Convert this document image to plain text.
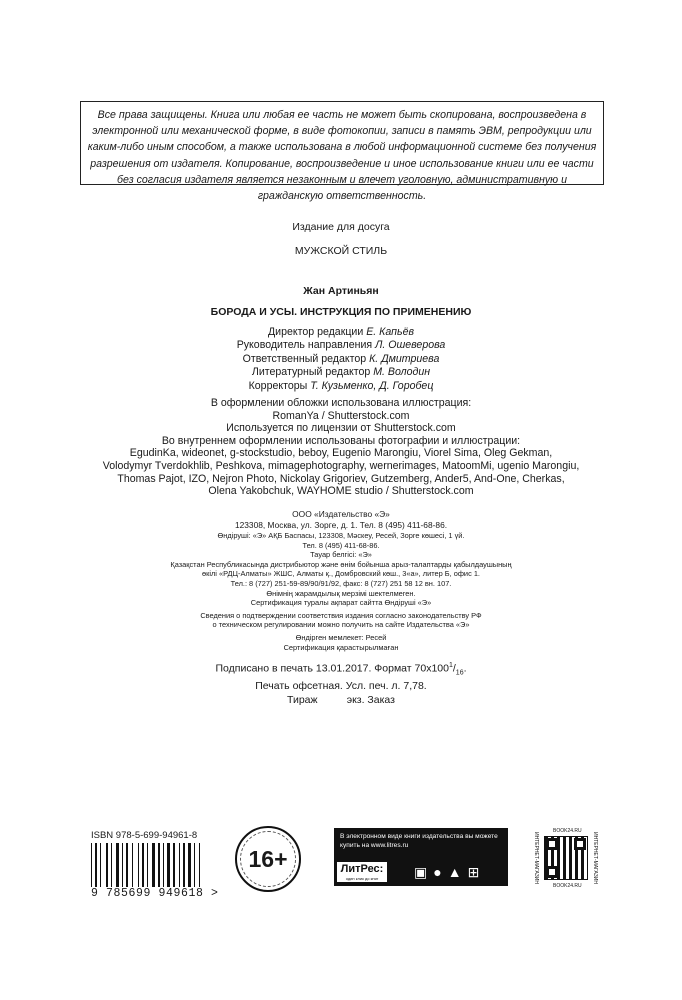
Все права защищены. Книга или любая ее часть не может быть скопирована, воспроизведена в электронной или механической форме, в виде фотокопии, записи в память ЭВМ, репродукции или каким-либо иным способом, а также использована в любой информационной системе без получения разрешения от издателя. Копирование, воспроизведение и иное использование книги или ее части без согласия издателя является незаконным и влечет уголовную, административную и гражданскую ответственность.
Издание для досуга
МУЖСКОЙ СТИЛЬ
Жан Артиньян
БОРОДА И УСЫ. ИНСТРУКЦИЯ ПО ПРИМЕНЕНИЮ
Директор редакции Е. Капьёв
Руководитель направления Л. Ошеверова
Ответственный редактор К. Дмитриева
Литературный редактор М. Володин
Корректоры Т. Кузьменко, Д. Горобец
В оформлении обложки использована иллюстрация:
RomanYa / Shutterstock.com
Используется по лицензии от Shutterstock.com
Во внутреннем оформлении использованы фотографии и иллюстрации:
EgudinKa, wideonet, g-stockstudio, beboy, Eugenio Marongiu, Viorel Sima, Oleg Gekman,
Volodymyr Tverdokhlib, Peshkova, mimagephotography, wernerimages, MatoomMi, ugenio Marongiu,
Thomas Pajot, IZO, Nejron Photo, Nickolay Grigoriev, Gutzemberg, Ander5, And-One, Cherkas,
Olena Yakobchuk, WAYHOME studio / Shutterstock.com
ООО «Издательство «Э»
123308, Москва, ул. Зорге, д. 1. Тел. 8 (495) 411-68-86.
Өндіруші: «Э» АҚБ Баспасы, 123308, Мәскеу, Ресей, Зорге көшесі, 1 үй.
Тел. 8 (495) 411-68-86.
Тауар белгісі: «Э»
Қазақстан Республикасында дистрибьютор және өнім бойынша арыз-талаптарды қабылдаушының
өкілі «РДЦ-Алматы» ЖШС, Алматы қ., Домбровский көш., 3«а», литер Б, офис 1.
Тел.: 8 (727) 251-59-89/90/91/92, факс: 8 (727) 251 58 12 вн. 107.
Өнімнің жарамдылық мерзімі шектелмеген.
Сертификация туралы ақпарат сайтта Өндіруші «Э»
Сведения о подтверждении соответствия издания согласно законодательству РФ
о техническом регулировании можно получить на сайте Издательства «Э»
Өндірген мемлекет: Ресей
Сертификация қарастырылмаған
Подписано в печать 13.01.2017. Формат $70x100^1/_{16}$.
Печать офсетная. Усл. печ. л. 7,78.
Тираж          экз. Заказ
ISBN 978-5-699-94961-8
9 785699 949618 >
16+
В электронном виде книги издательства вы можете купить на www.litres.ru
ЛитРес:
один клик до книг	▣ ● ▲ ⊞
BOOK24.RU
BOOK24.RU
ИНТЕРНЕТ-МАГАЗИН	ИНТЕРНЕТ-МАГАЗИН
